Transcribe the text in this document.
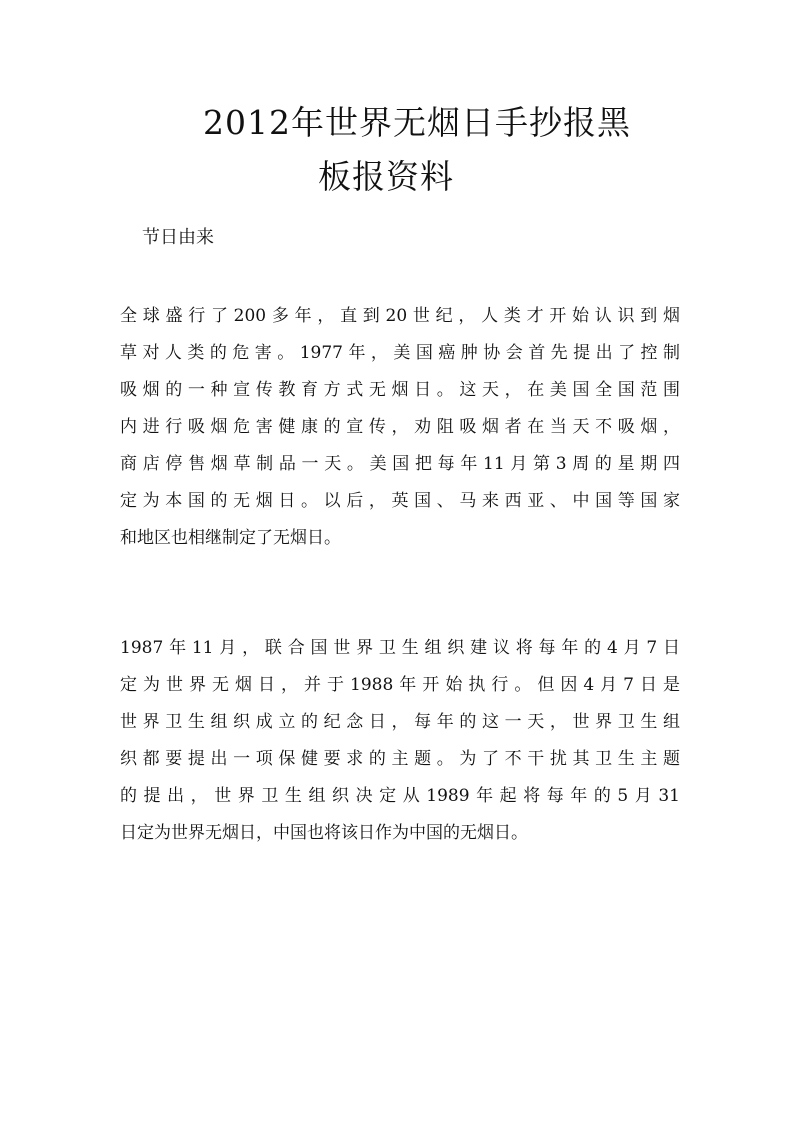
2012年世界无烟日手抄报黑
板报资料
节日由来
全球盛行了200多年，直到20世纪，人类才开始认识到烟
草对人类的危害。1977年，美国癌肿协会首先提出了控制
吸烟的一种宣传教育方式无烟日。这天，在美国全国范围
内进行吸烟危害健康的宣传，劝阻吸烟者在当天不吸烟，
商店停售烟草制品一天。美国把每年11月第3周的星期四
定为本国的无烟日。以后，英国、马来西亚、中国等国家
和地区也相继制定了无烟日。
1987年11月，联合国世界卫生组织建议将每年的4月7日
定为世界无烟日，并于1988年开始执行。但因4月7日是
世界卫生组织成立的纪念日，每年的这一天，世界卫生组
织都要提出一项保健要求的主题。为了不干扰其卫生主题
的提出，世界卫生组织决定从1989年起将每年的5月31
日定为世界无烟日，中国也将该日作为中国的无烟日。
